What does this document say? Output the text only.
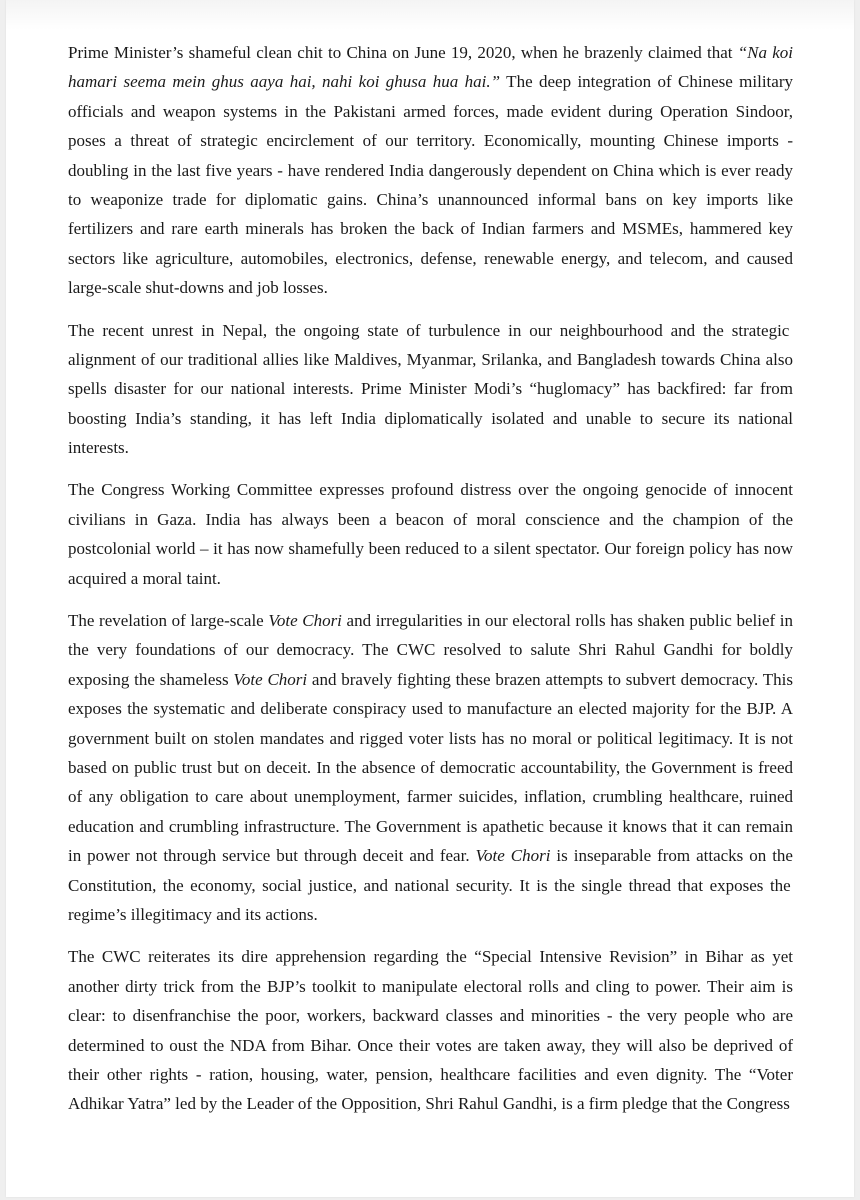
Prime Minister’s shameful clean chit to China on June 19, 2020, when he brazenly claimed that “Na koi
hamari seema mein ghus aaya hai, nahi koi ghusa hua hai.” The deep integration of Chinese military
officials and weapon systems in the Pakistani armed forces, made evident during Operation Sindoor,
poses a threat of strategic encirclement of our territory. Economically, mounting Chinese imports -
doubling in the last five years - have rendered India dangerously dependent on China which is ever ready
to weaponize trade for diplomatic gains. China’s unannounced informal bans on key imports like
fertilizers and rare earth minerals has broken the back of Indian farmers and MSMEs, hammered key
sectors like agriculture, automobiles, electronics, defense, renewable energy, and telecom, and caused
large-scale shut-downs and job losses.
The recent unrest in Nepal, the ongoing state of turbulence in our neighbourhood and the strategic
alignment of our traditional allies like Maldives, Myanmar, Srilanka, and Bangladesh towards China also
spells disaster for our national interests. Prime Minister Modi’s “huglomacy” has backfired: far from
boosting India’s standing, it has left India diplomatically isolated and unable to secure its national
interests.
The Congress Working Committee expresses profound distress over the ongoing genocide of innocent
civilians in Gaza. India has always been a beacon of moral conscience and the champion of the
postcolonial world – it has now shamefully been reduced to a silent spectator. Our foreign policy has now
acquired a moral taint.
The revelation of large-scale Vote Chori and irregularities in our electoral rolls has shaken public belief in
the very foundations of our democracy. The CWC resolved to salute Shri Rahul Gandhi for boldly
exposing the shameless Vote Chori and bravely fighting these brazen attempts to subvert democracy. This
exposes the systematic and deliberate conspiracy used to manufacture an elected majority for the BJP. A
government built on stolen mandates and rigged voter lists has no moral or political legitimacy. It is not
based on public trust but on deceit. In the absence of democratic accountability, the Government is freed
of any obligation to care about unemployment, farmer suicides, inflation, crumbling healthcare, ruined
education and crumbling infrastructure. The Government is apathetic because it knows that it can remain
in power not through service but through deceit and fear. Vote Chori is inseparable from attacks on the
Constitution, the economy, social justice, and national security. It is the single thread that exposes the
regime’s illegitimacy and its actions.
The CWC reiterates its dire apprehension regarding the “Special Intensive Revision” in Bihar as yet
another dirty trick from the BJP’s toolkit to manipulate electoral rolls and cling to power. Their aim is
clear: to disenfranchise the poor, workers, backward classes and minorities - the very people who are
determined to oust the NDA from Bihar. Once their votes are taken away, they will also be deprived of
their other rights - ration, housing, water, pension, healthcare facilities and even dignity. The “Voter
Adhikar Yatra” led by the Leader of the Opposition, Shri Rahul Gandhi, is a firm pledge that the Congress
